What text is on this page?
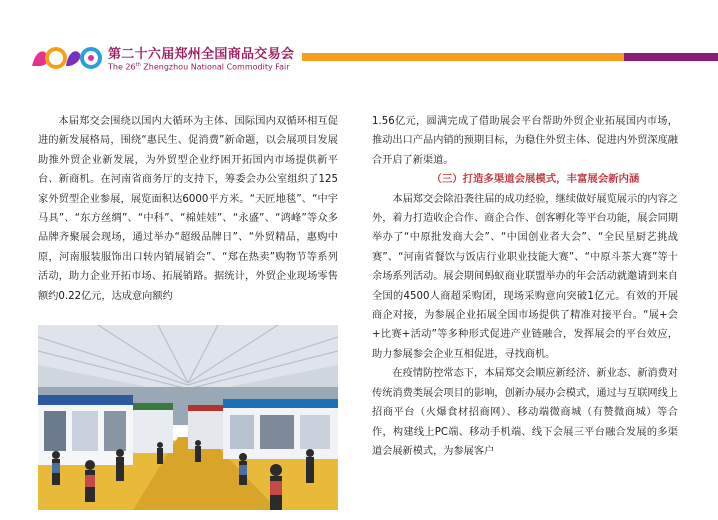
第二十六届郑州全国商品交易会
The 26th Zhengzhou National Commodity Fair

本届郑交会围绕以国内大循环为主体、国际国内双循环相互促进的新发展格局，围绕“惠民生、促消费”新命题，以会展项目发展助推外贸企业新发展，为外贸型企业纾困开拓国内市场提供新平台、新商机。在河南省商务厅的支持下，筹委会办公室组织了125家外贸型企业参展，展览面积达6000平方米。“天匠地毯”、“中宇马具”、“东方丝绸”、“中科”、“棉娃娃”、“永盛”、“鸿峰”等众多品牌齐聚展会现场，通过举办“超级品牌日”、“外贸精品，惠购中原，河南服装服饰出口转内销展销会”、“郑在热卖”购物节等系列活动，助力企业开拓市场、拓展销路。据统计，外贸企业现场零售额约0.22亿元，达成意向额约

1.56亿元，圆满完成了借助展会平台帮助外贸企业拓展国内市场，推动出口产品内销的预期目标，为稳住外贸主体、促进内外贸深度融合开启了新渠道。

（三）打造多渠道会展模式，丰富展会新内涵

本届郑交会除沿袭往届的成功经验，继续做好展览展示的内容之外，着力打造收企合作、商企合作、创客孵化等平台功能，展会同期举办了“中原批发商大会”、“中国创业者大会”、“全民星厨艺挑战赛”、“河南省餐饮与饭店行业职业技能大赛”、“中原斗茶大赛”等十余场系列活动。展会期间蚂蚁商业联盟举办的年会活动就邀请到来自全国的4500人商超采购团，现场采购意向突破1亿元。有效的开展商企对接，为参展企业拓展全国市场提供了精准对接平台。“展+会+比赛+活动”等多种形式促进产业链融合，发挥展会的平台效应，助力参展参会企业互相促进，寻找商机。

在疫情防控常态下，本届郑交会顺应新经济、新业态、新消费对传统消费类展会项目的影响，创新办展办会模式，通过与互联网线上招商平台（火爆食材招商网）、移动端微商城（有赞微商城）等合作，构建线上PC端、移动手机端、线下会展三平台融合发展的多渠道会展新模式，为参展客户
